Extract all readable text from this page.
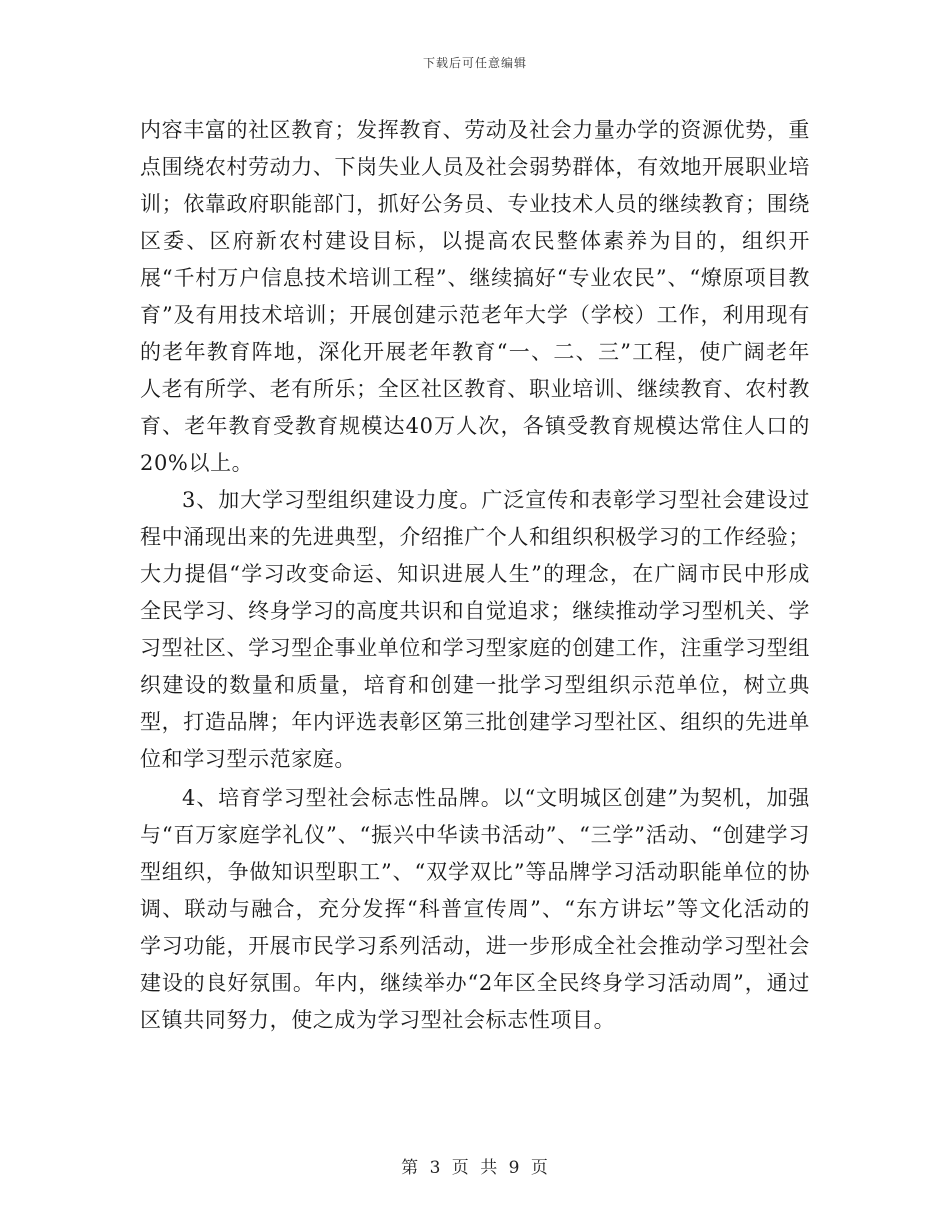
下载后可任意编辑

内容丰富的社区教育；发挥教育、劳动及社会力量办学的资源优势，重点围绕农村劳动力、下岗失业人员及社会弱势群体，有效地开展职业培训；依靠政府职能部门，抓好公务员、专业技术人员的继续教育；围绕区委、区府新农村建设目标，以提高农民整体素养为目的，组织开展“千村万户信息技术培训工程”、继续搞好“专业农民”、“燎原项目教育”及有用技术培训；开展创建示范老年大学（学校）工作，利用现有的老年教育阵地，深化开展老年教育“一、二、三”工程，使广阔老年人老有所学、老有所乐；全区社区教育、职业培训、继续教育、农村教育、老年教育受教育规模达40万人次，各镇受教育规模达常住人口的20%以上。

3、加大学习型组织建设力度。广泛宣传和表彰学习型社会建设过程中涌现出来的先进典型，介绍推广个人和组织积极学习的工作经验；大力提倡“学习改变命运、知识进展人生”的理念，在广阔市民中形成全民学习、终身学习的高度共识和自觉追求；继续推动学习型机关、学习型社区、学习型企事业单位和学习型家庭的创建工作，注重学习型组织建设的数量和质量，培育和创建一批学习型组织示范单位，树立典型，打造品牌；年内评选表彰区第三批创建学习型社区、组织的先进单位和学习型示范家庭。

4、培育学习型社会标志性品牌。以“文明城区创建”为契机，加强与“百万家庭学礼仪”、“振兴中华读书活动”、“三学”活动、“创建学习型组织，争做知识型职工”、“双学双比”等品牌学习活动职能单位的协调、联动与融合，充分发挥“科普宣传周”、“东方讲坛”等文化活动的学习功能，开展市民学习系列活动，进一步形成全社会推动学习型社会建设的良好氛围。年内，继续举办“2年区全民终身学习活动周”，通过区镇共同努力，使之成为学习型社会标志性项目。

第 3 页 共 9 页
